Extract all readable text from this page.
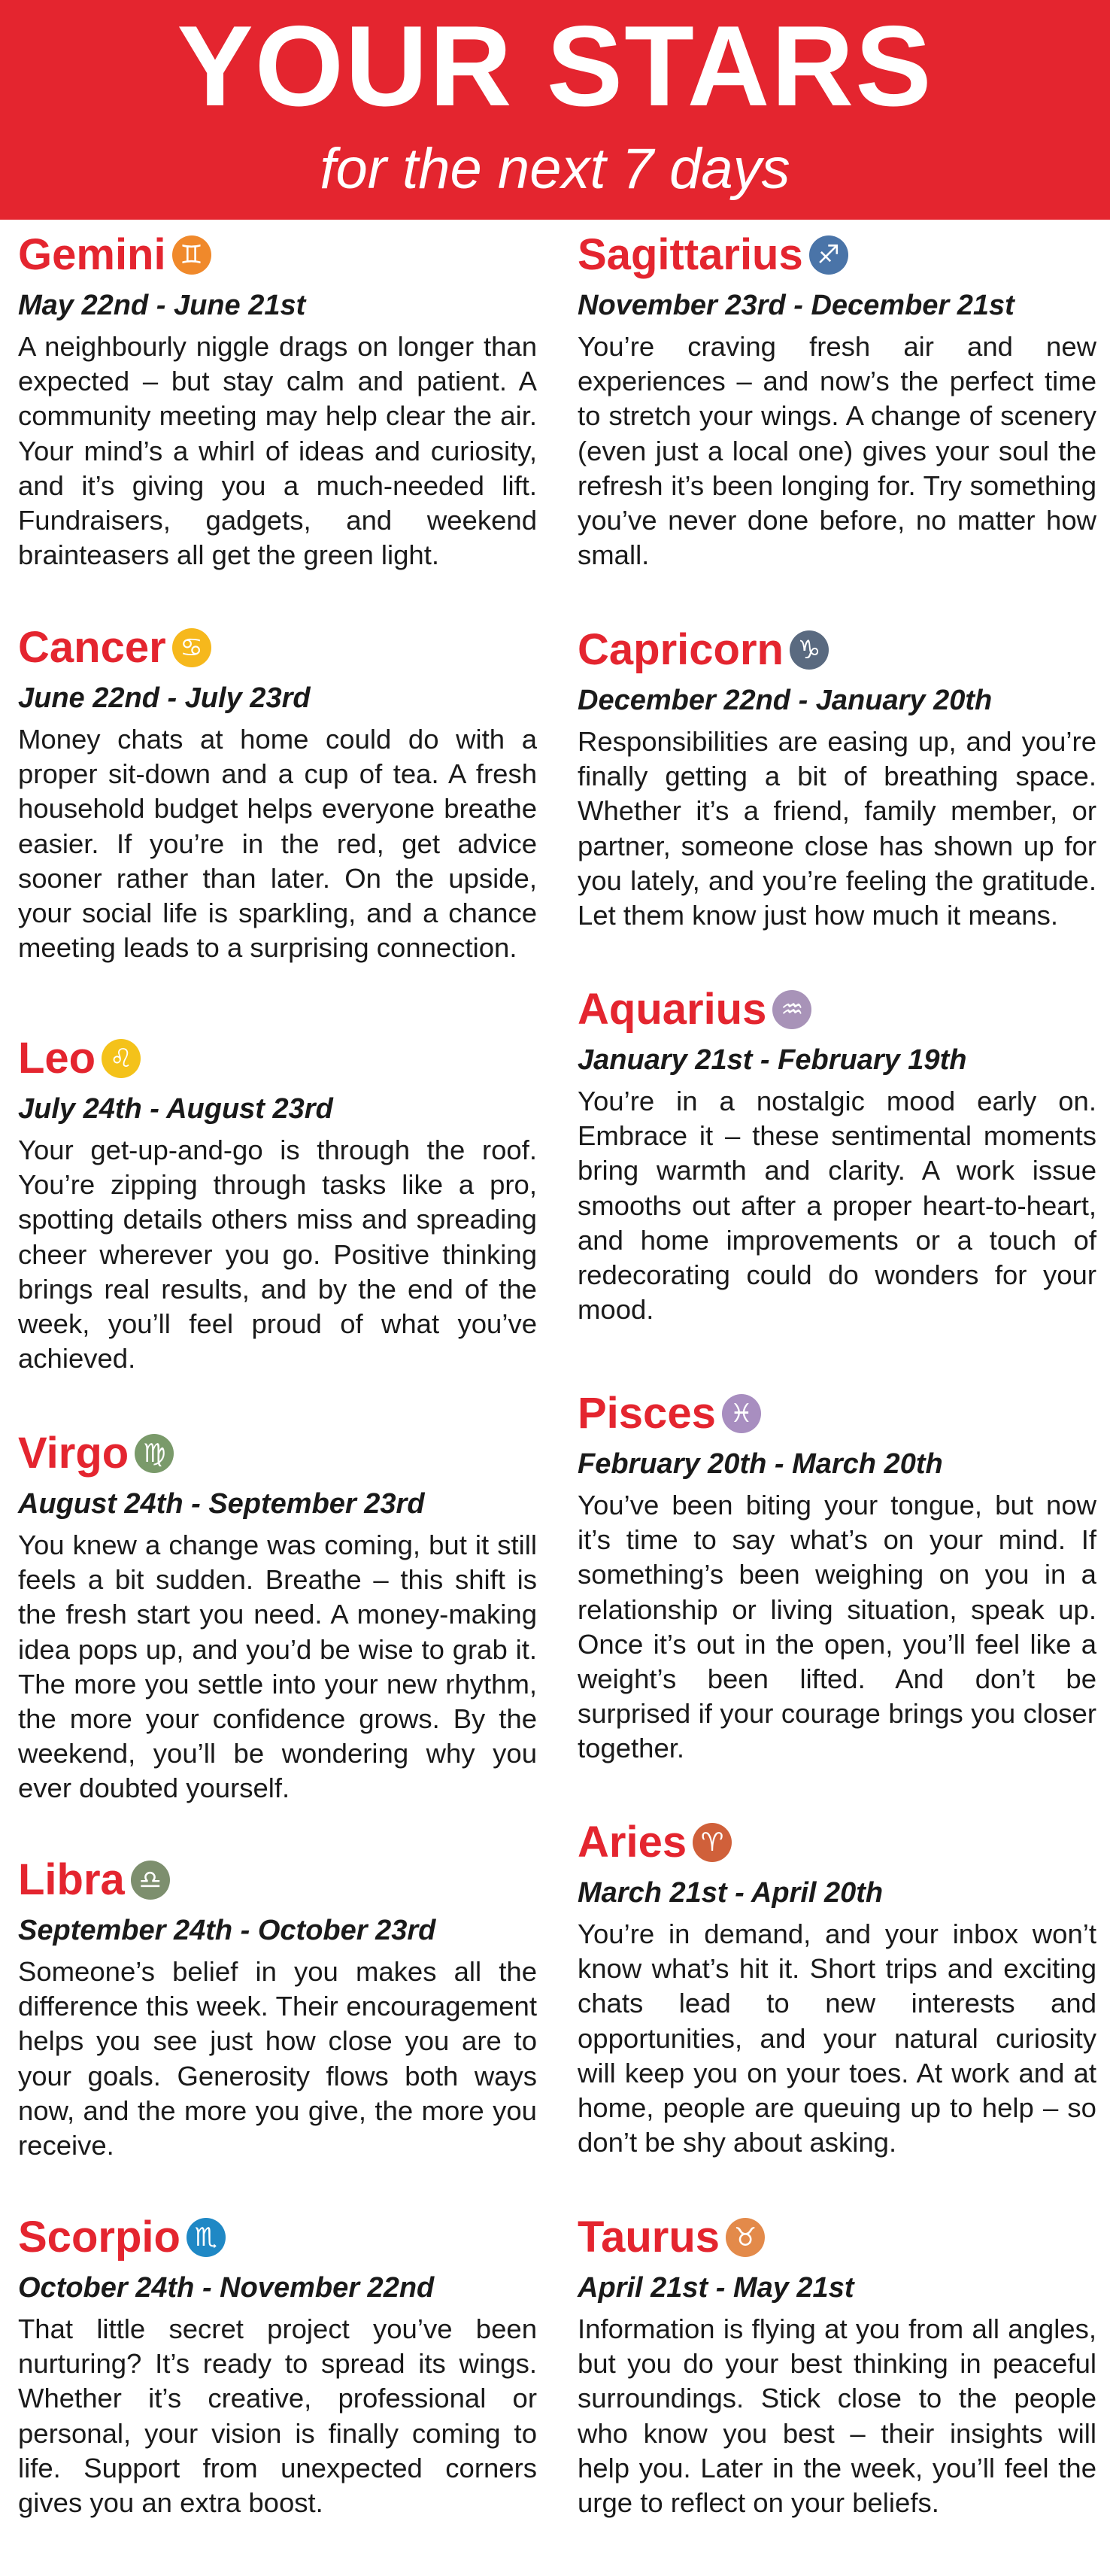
YOUR STARS
for the next 7 days
Gemini ♊
May 22nd - June 21st
A neighbourly niggle drags on longer than expected – but stay calm and patient. A community meeting may help clear the air. Your mind’s a whirl of ideas and curiosity, and it’s giving you a much-needed lift. Fundraisers, gadgets, and weekend brainteasers all get the green light.
Cancer ♋
June 22nd - July 23rd
Money chats at home could do with a proper sit-down and a cup of tea. A fresh household budget helps everyone breathe easier. If you’re in the red, get advice sooner rather than later. On the upside, your social life is sparkling, and a chance meeting leads to a surprising connection.
Leo ♌
July 24th - August 23rd
Your get-up-and-go is through the roof. You’re zipping through tasks like a pro, spotting details others miss and spreading cheer wherever you go. Positive thinking brings real results, and by the end of the week, you’ll feel proud of what you’ve achieved.
Virgo ♍
August 24th - September 23rd
You knew a change was coming, but it still feels a bit sudden. Breathe – this shift is the fresh start you need. A money-making idea pops up, and you’d be wise to grab it. The more you settle into your new rhythm, the more your confidence grows. By the weekend, you’ll be wondering why you ever doubted yourself.
Libra ♎
September 24th - October 23rd
Someone’s belief in you makes all the difference this week. Their encouragement helps you see just how close you are to your goals. Generosity flows both ways now, and the more you give, the more you receive.
Scorpio ♏
October 24th - November 22nd
That little secret project you’ve been nurturing? It’s ready to spread its wings. Whether it’s creative, professional or personal, your vision is finally coming to life. Support from unexpected corners gives you an extra boost.
Sagittarius ♐
November 23rd - December 21st
You’re craving fresh air and new experiences – and now’s the perfect time to stretch your wings. A change of scenery (even just a local one) gives your soul the refresh it’s been longing for. Try something you’ve never done before, no matter how small.
Capricorn ♑
December 22nd - January 20th
Responsibilities are easing up, and you’re finally getting a bit of breathing space. Whether it’s a friend, family member, or partner, someone close has shown up for you lately, and you’re feeling the gratitude. Let them know just how much it means.
Aquarius ♒
January 21st - February 19th
You’re in a nostalgic mood early on. Embrace it – these sentimental moments bring warmth and clarity. A work issue smooths out after a proper heart-to-heart, and home improvements or a touch of redecorating could do wonders for your mood.
Pisces ♓
February 20th - March 20th
You’ve been biting your tongue, but now it’s time to say what’s on your mind. If something’s been weighing on you in a relationship or living situation, speak up. Once it’s out in the open, you’ll feel like a weight’s been lifted. And don’t be surprised if your courage brings you closer together.
Aries ♈
March 21st - April 20th
You’re in demand, and your inbox won’t know what’s hit it. Short trips and exciting chats lead to new interests and opportunities, and your natural curiosity will keep you on your toes. At work and at home, people are queuing up to help – so don’t be shy about asking.
Taurus ♉
April 21st - May 21st
Information is flying at you from all angles, but you do your best thinking in peaceful surroundings. Stick close to the people who know you best – their insights will help you. Later in the week, you’ll feel the urge to reflect on your beliefs.
